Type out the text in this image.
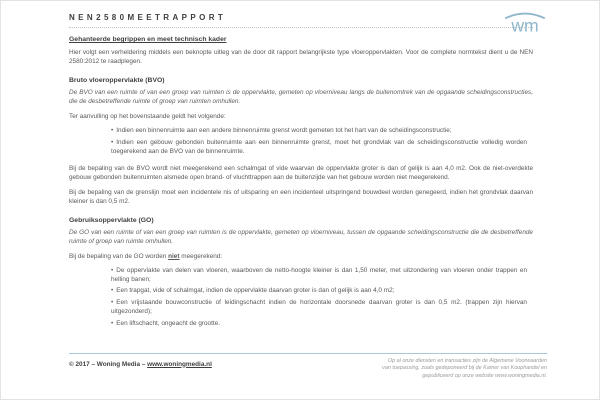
wm
NEN2580MEETRAPPORT
Gehanteerde begrippen en meet technisch kader

Hier volgt een verheldering middels een beknopte uitleg van de door dit rapport belangrijkste type vloeroppervlakten. Voor de complete normtekst dient u de NEN 2580:2012 te raadplegen.

Bruto vloeroppervlakte (BVO)

De BVO van een ruimte of van een groep van ruimten is de oppervlakte, gemeten op vloerniveau langs de buitenomtrek van de opgaande scheidingsconstructies, die de desbetreffende ruimte of groep van ruimten omhullen.

Ter aanvulling op het bovenstaande geldt het volgende:

• Indien een binnenruimte aan een andere binnenruimte grenst wordt gemeten tot het hart van de scheidingsconstructie;
• Indien een gebouw gebonden buitenruimte aan een binnenruimte grenst, moet het grondvlak van de scheidingsconstructie volledig worden toegerekend aan de BVO van de binnenruimte.

Bij de bepaling van de BVO wordt niet meegerekend een schalmgat of vide waarvan de oppervlakte groter is dan of gelijk is aan 4,0 m2. Ook de niet-overdekte gebouw gebonden buitenruimten alsmede open brand- of vluchttrappen aan de buitenzijde van het gebouw worden niet meegerekend.

Bij de bepaling van de grenslijn moet een incidentele nis of uitsparing en een incidenteel uitspringend bouwdeel worden genegeerd, indien het grondvlak daarvan kleiner is dan 0,5 m2.

Gebruiksoppervlakte (GO)

De GO van een ruimte of van een groep van ruimten is de oppervlakte, gemeten op vloerniveau, tussen de opgaande scheidingsconstructie die de desbetreffende ruimte of groep van ruimte omhullen.

Bij de bepaling van de GO worden niet meegerekend:

• De oppervlakte van delen van vloeren, waarboven de netto-hoogte kleiner is dan 1,50 meter, met uitzondering van vloeren onder trappen en helling banen;
• Een trapgat, vide of schalmgat, indien de oppervlakte daarvan groter is dan of gelijk is aan 4,0 m2;
• Een vrijstaande bouwconstructie of leidingschacht indien de horizontale doorsnede daarvan groter is dan 0,5 m2. (trappen zijn hiervan uitgezonderd);
• Een liftschacht, ongeacht de grootte.
© 2017 – Woning Media – www.woningmedia.nl	Op al onze diensten en transacties zijn de Algemene Voorwaarden
van toepassing, zoals gedeponeerd bij de Kamer van Koophandel en
gepubliceerd op onze website www.woningmedia.nl.
